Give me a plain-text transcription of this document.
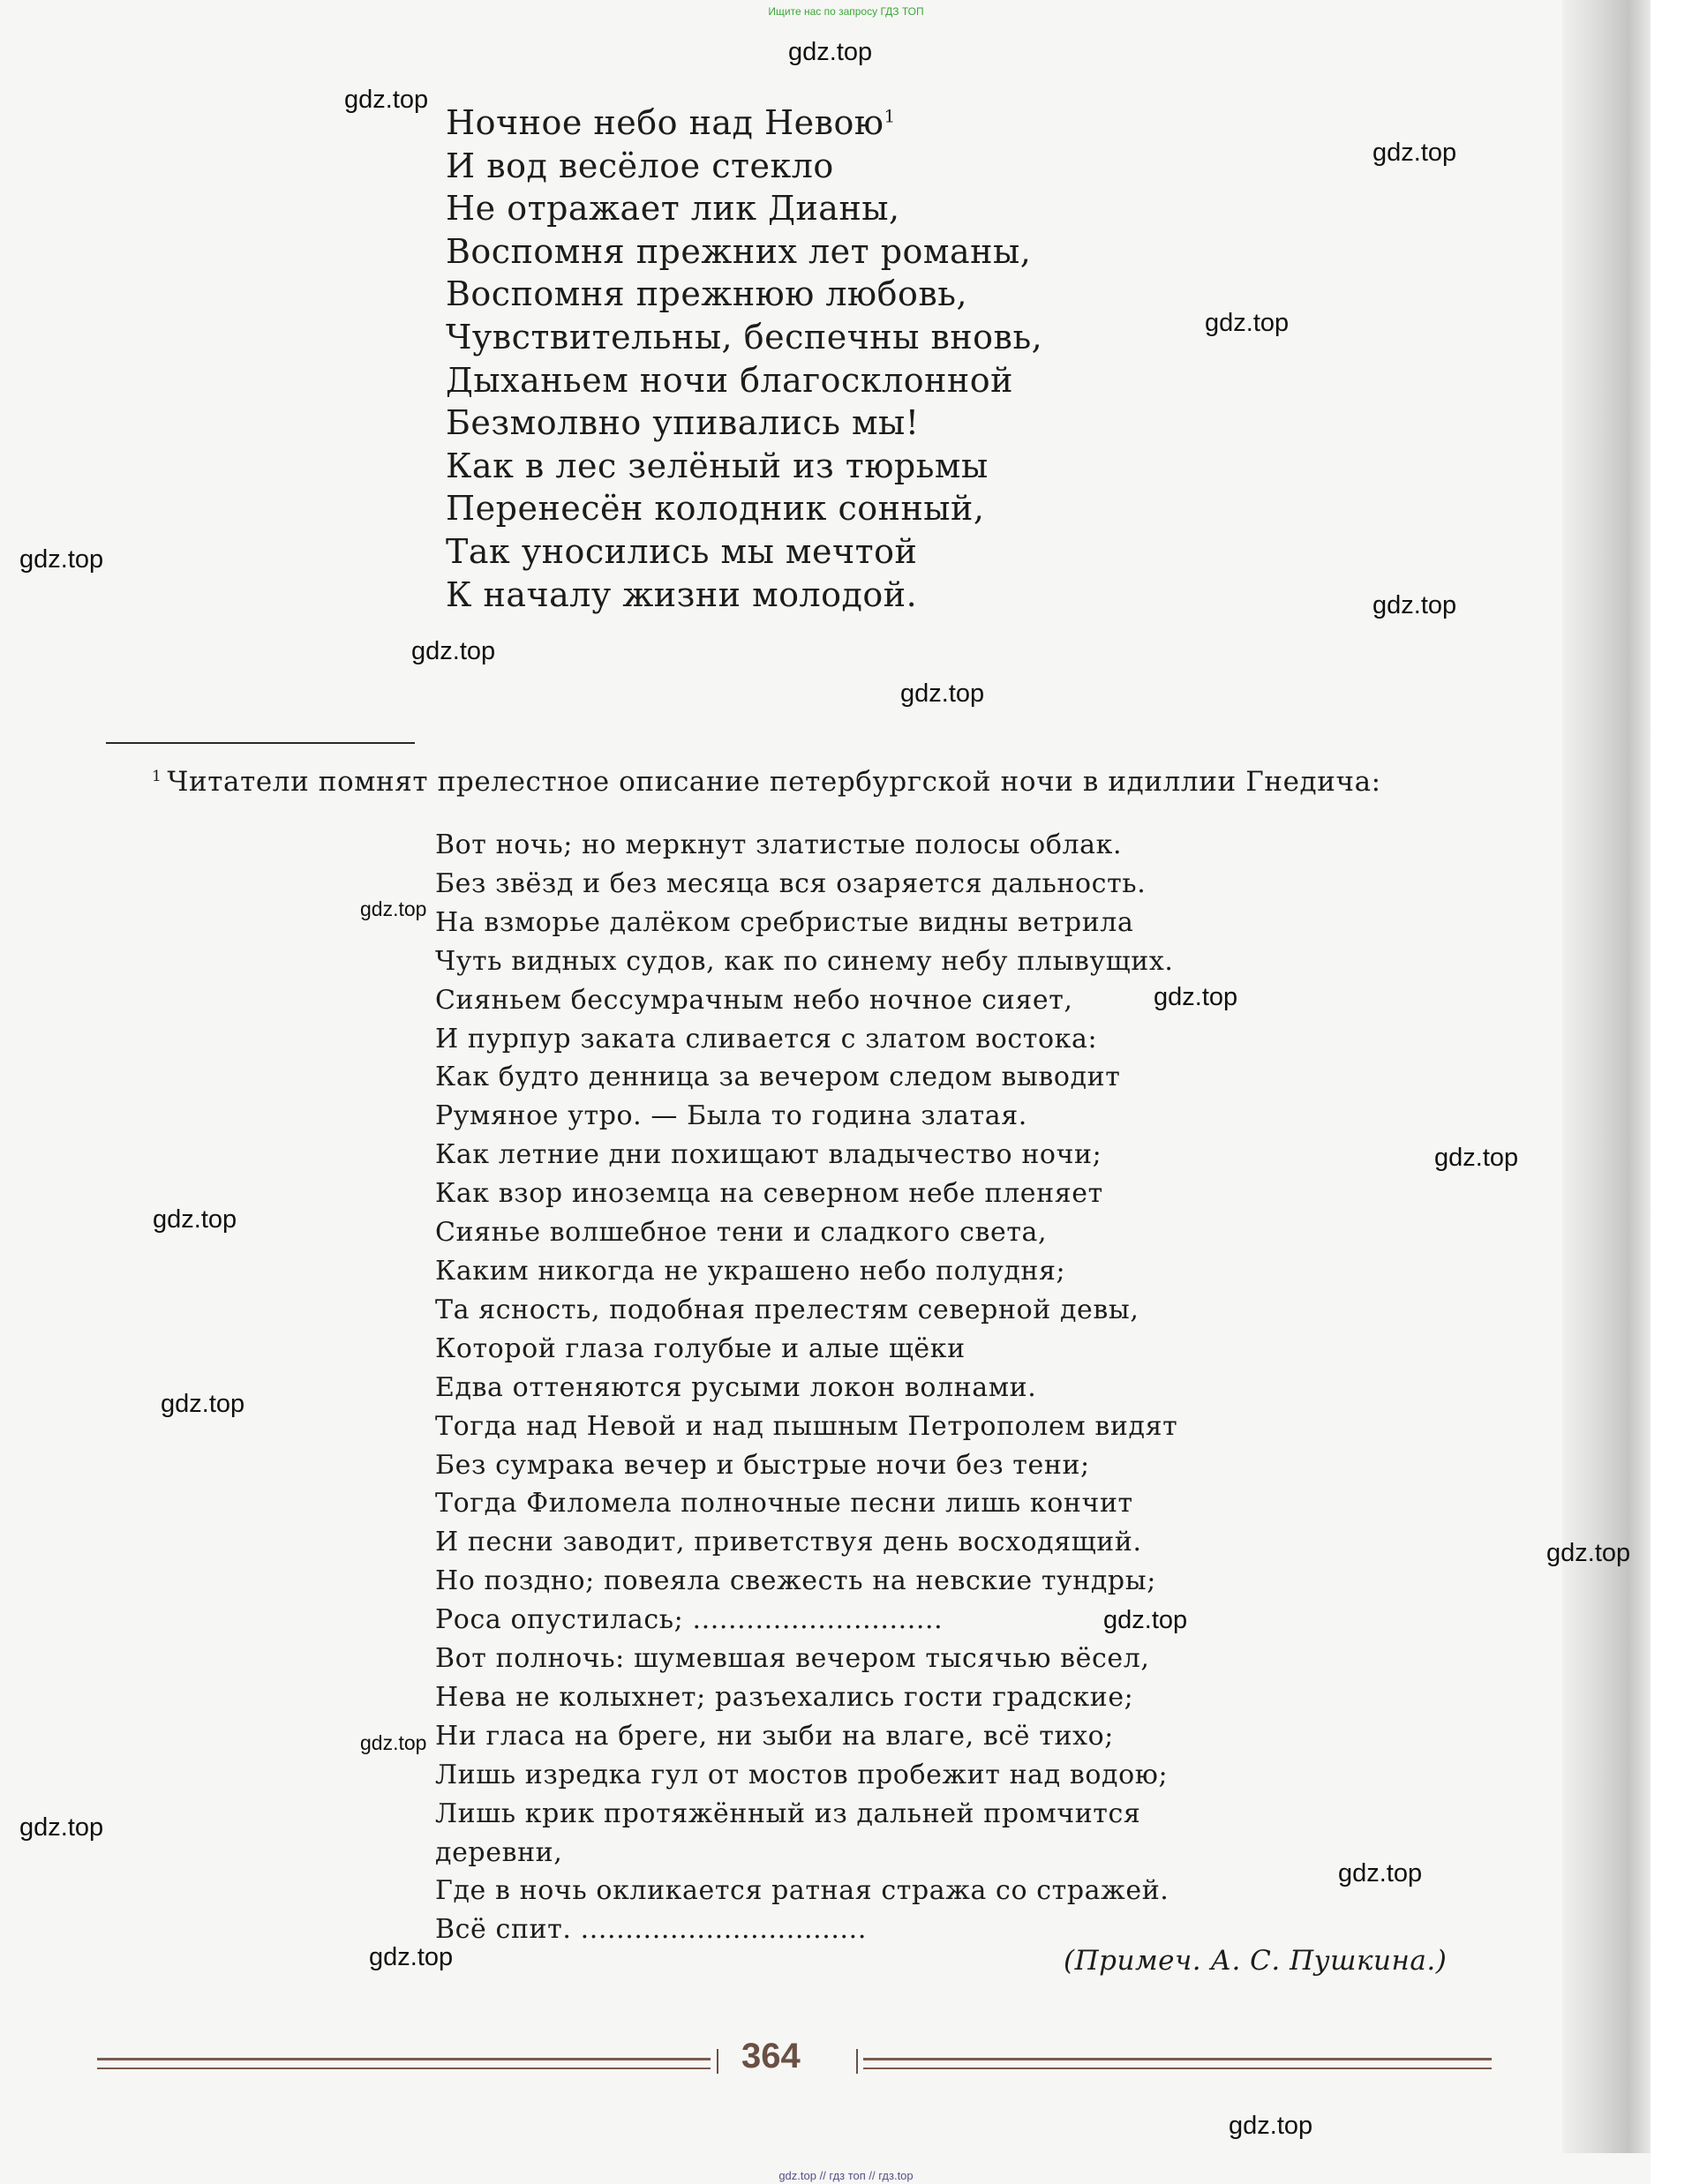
Ищите нас по запросу ГДЗ ТОП
Ночное небо над Невою$^1$
И вод весёлое стекло
Не отражает лик Дианы,
Воспомня прежних лет романы,
Воспомня прежнюю любовь,
Чувствительны, беспечны вновь,
Дыханьем ночи благосклонной
Безмолвно упивались мы!
Как в лес зелёный из тюрьмы
Перенесён колодник сонный,
Так уносились мы мечтой
К началу жизни молодой.
$^1$ Читатели помнят прелестное описание петербургской ночи в идиллии Гнедича:
Вот ночь; но меркнут златистые полосы облак.
Без звёзд и без месяца вся озаряется дальность.
На взморье далёком сребристые видны ветрила
Чуть видных судов, как по синему небу плывущих.
Сияньем бессумрачным небо ночное сияет,
И пурпур заката сливается с златом востока:
Как будто денница за вечером следом выводит
Румяное утро. — Была то година златая.
Как летние дни похищают владычество ночи;
Как взор иноземца на северном небе пленяет
Сиянье волшебное тени и сладкого света,
Каким никогда не украшено небо полудня;
Та ясность, подобная прелестям северной девы,
Которой глаза голубые и алые щёки
Едва оттеняются русыми локон волнами.
Тогда над Невой и над пышным Петрополем видят
Без сумрака вечер и быстрые ночи без тени;
Тогда Филомела полночные песни лишь кончит
И песни заводит, приветствуя день восходящий.
Но поздно; повеяла свежесть на невские тундры;
Роса опустилась; ............................
Вот полночь: шумевшая вечером тысячью вёсел,
Нева не колыхнет; разъехались гости градские;
Ни гласа на бреге, ни зыби на влаге, всё тихо;
Лишь изредка гул от мостов пробежит над водою;
Лишь крик протяжённый из дальней промчится
деревни,
Где в ночь окликается ратная стража со стражей.
Всё спит. ................................
(Примеч. А. С. Пушкина.)
364
gdz.top // гдз топ // гдз.top
gdz.top
gdz.top
gdz.top
gdz.top
gdz.top
gdz.top
gdz.top
gdz.top
gdz.top
gdz.top
gdz.top
gdz.top
gdz.top
gdz.top
gdz.top
gdz.top
gdz.top
gdz.top
gdz.top
gdz.top
